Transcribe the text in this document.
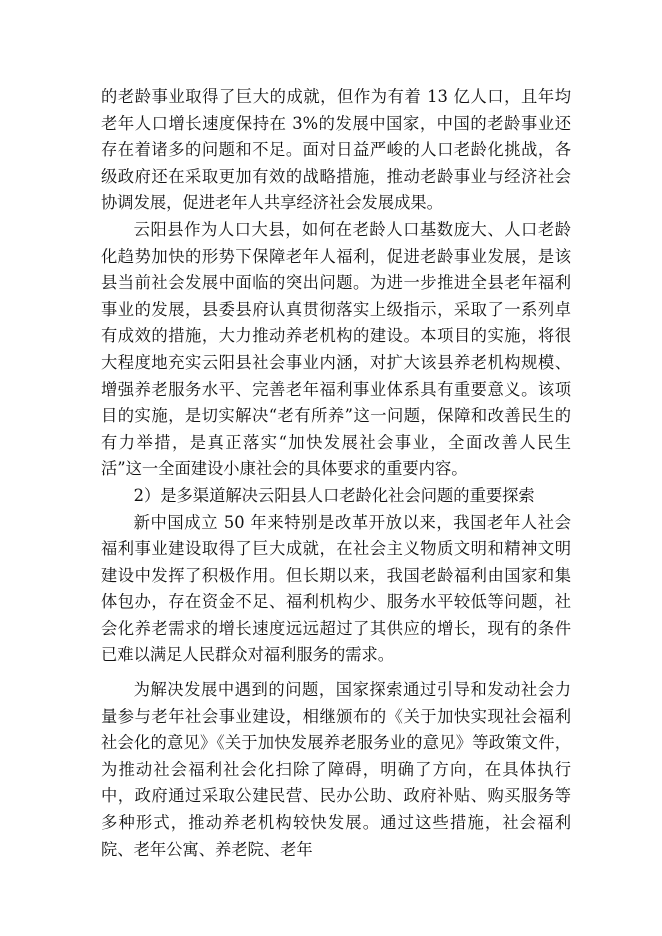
的老龄事业取得了巨大的成就，但作为有着 13 亿人口，且年均老年人口增长速度保持在 3%的发展中国家，中国的老龄事业还存在着诸多的问题和不足。面对日益严峻的人口老龄化挑战，各级政府还在采取更加有效的战略措施，推动老龄事业与经济社会协调发展，促进老年人共享经济社会发展成果。

云阳县作为人口大县，如何在老龄人口基数庞大、人口老龄化趋势加快的形势下保障老年人福利，促进老龄事业发展，是该县当前社会发展中面临的突出问题。为进一步推进全县老年福利事业的发展，县委县府认真贯彻落实上级指示，采取了一系列卓有成效的措施，大力推动养老机构的建设。本项目的实施，将很大程度地充实云阳县社会事业内涵，对扩大该县养老机构规模、增强养老服务水平、完善老年福利事业体系具有重要意义。该项目的实施，是切实解决“老有所养”这一问题，保障和改善民生的有力举措，是真正落实“加快发展社会事业，全面改善人民生活”这一全面建设小康社会的具体要求的重要内容。

2）是多渠道解决云阳县人口老龄化社会问题的重要探索

新中国成立 50 年来特别是改革开放以来，我国老年人社会福利事业建设取得了巨大成就，在社会主义物质文明和精神文明建设中发挥了积极作用。但长期以来，我国老龄福利由国家和集体包办，存在资金不足、福利机构少、服务水平较低等问题，社会化养老需求的增长速度远远超过了其供应的增长，现有的条件已难以满足人民群众对福利服务的需求。

为解决发展中遇到的问题，国家探索通过引导和发动社会力量参与老年社会事业建设，相继颁布的《关于加快实现社会福利社会化的意见》《关于加快发展养老服务业的意见》等政策文件，为推动社会福利社会化扫除了障碍，明确了方向，在具体执行中，政府通过采取公建民营、民办公助、政府补贴、购买服务等多种形式，推动养老机构较快发展。通过这些措施，社会福利院、老年公寓、养老院、老年
